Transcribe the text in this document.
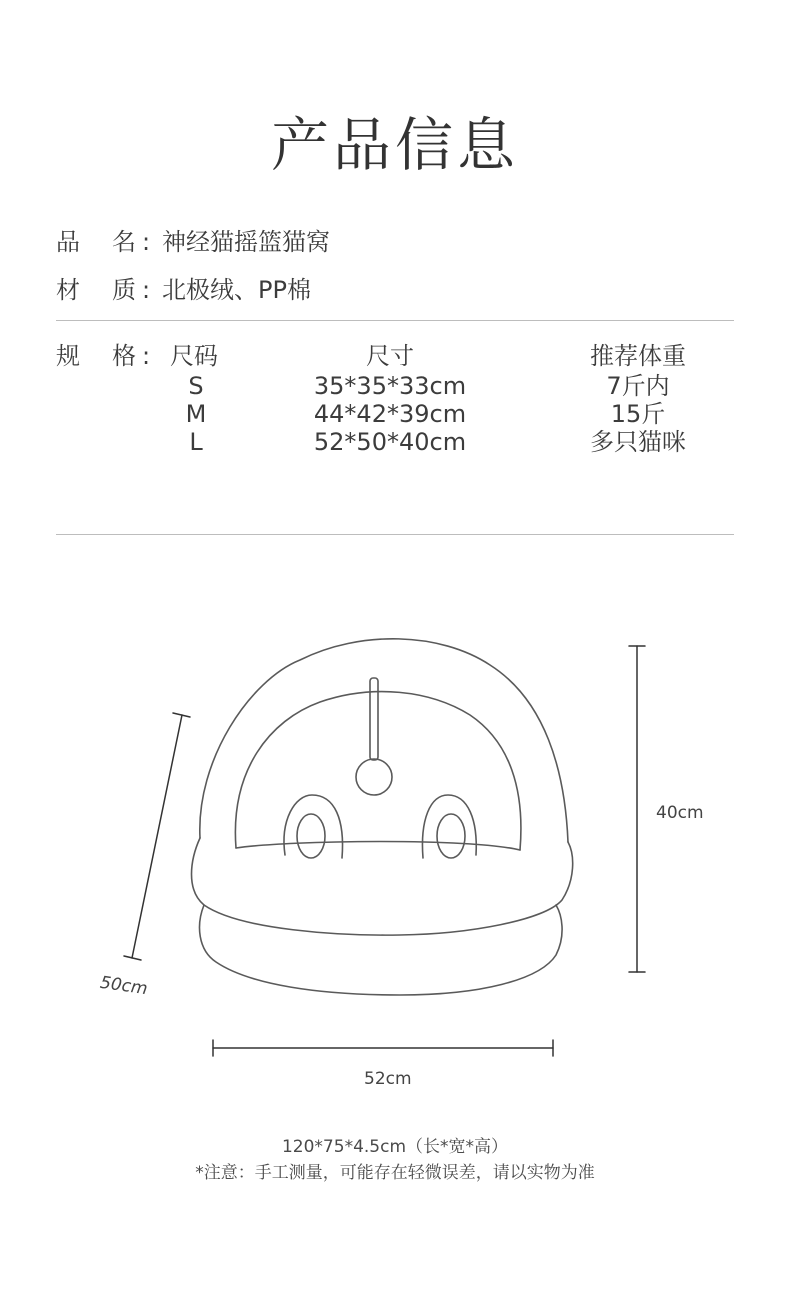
产品信息
品 名 : 神经猫摇篮猫窝
材 质 : 北极绒、PP棉
规 格 : 尺码	尺寸	推荐体重
S	35*35*33cm	7斤内
M	44*42*39cm	15斤
L	52*50*40cm	多只猫咪
50cm
40cm
52cm
120*75*4.5cm（长*宽*高）
*注意：手工测量，可能存在轻微误差，请以实物为准
